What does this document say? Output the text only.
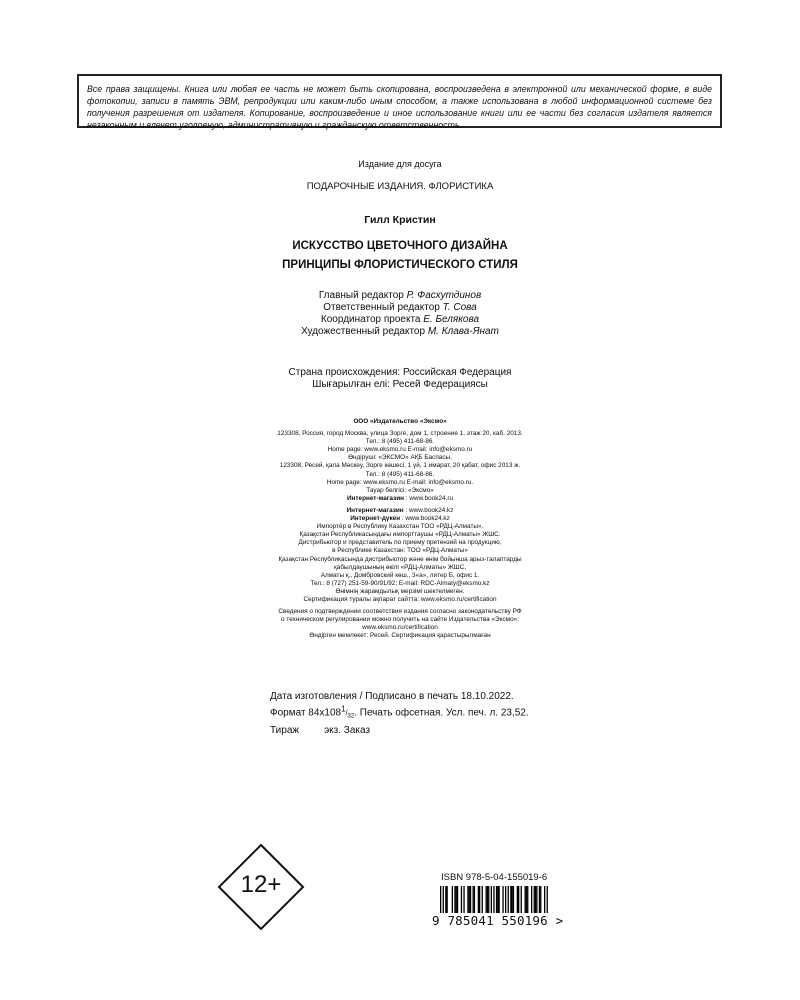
Все права защищены. Книга или любая ее часть не может быть скопирована, воспроизведена в электронной или механической форме, в виде фотокопии, записи в память ЭВМ, репродукции или каким-либо иным способом, а также использована в любой информационной системе без получения разрешения от издателя. Копирование, воспроизведение и иное использование книги или ее части без согласия издателя является незаконным и влечет уголовную, административную и гражданскую ответственность.
Издание для досуга
ПОДАРОЧНЫЕ ИЗДАНИЯ. ФЛОРИСТИКА
Гилл Кристин
ИСКУССТВО ЦВЕТОЧНОГО ДИЗАЙНА
ПРИНЦИПЫ ФЛОРИСТИЧЕСКОГО СТИЛЯ
Главный редактор Р. Фасхутдинов
Ответственный редактор Т. Сова
Координатор проекта Е. Белякова
Художественный редактор М. Клава-Янат
Страна происхождения: Российская Федерация
Шығарылған елі: Ресей Федерациясы
ООО «Издательство «Эксмо»
123308, Россия, город Москва, улица Зорге, дом 1, строение 1, этаж 20, каб. 2013.
Тел.: 8 (495) 411-68-86.
Home page: www.eksmo.ru E-mail: info@eksmo.ru
Өндіруші: «ЭКСМО» АҚБ Баспасы,
123308, Ресей, қала Мәскеу, Зорге көшесі, 1 үй, 1 имарат, 20 қабат, офис 2013 ж.
Тел.: 8 (495) 411-68-86.
Home page: www.eksmo.ru E-mail: info@eksmo.ru.
Тауар белгісі: «Эксмо»
Интернет-магазин : www.book24.ru
Интернет-магазин : www.book24.kz
Интернет-дүкен : www.book24.kz
Импортёр в Республику Казахстан ТОО «РДЦ-Алматы».
Қазақстан Республикасындағы импорттаушы «РДЦ-Алматы» ЖШС.
Дистрибьютор и представитель по приему претензий на продукцию,
в Республике Казахстан: ТОО «РДЦ-Алматы»
Қазақстан Республикасында дистрибьютор және өнім бойынша арыз-талаптарды
қабылдаушының өкілі «РДЦ-Алматы» ЖШС,
Алматы қ., Домбровский көш., 3«а», литер Б, офис 1.
Тел.: 8 (727) 251-59-90/91/92; E-mail: RDC-Almaty@eksmo.kz
Өнімнің жарамдылық мерзімі шектелмеген.
Сертификация туралы ақпарат сайтта: www.eksmo.ru/certification
Сведения о подтверждении соответствия издания согласно законодательству РФ
о техническом регулировании можно получить на сайте Издательства «Эксмо»:
www.eksmo.ru/certification
Өндірген мемлекет: Ресей. Сертификация қарастырылмаған
Дата изготовления / Подписано в печать 18.10.2022.
Формат $84x108^1/_{32}$. Печать офсетная. Усл. печ. л. 23,52.
Тираж         экз. Заказ
12+	ISBN 978-5-04-155019-6
9 785041 550196 >
